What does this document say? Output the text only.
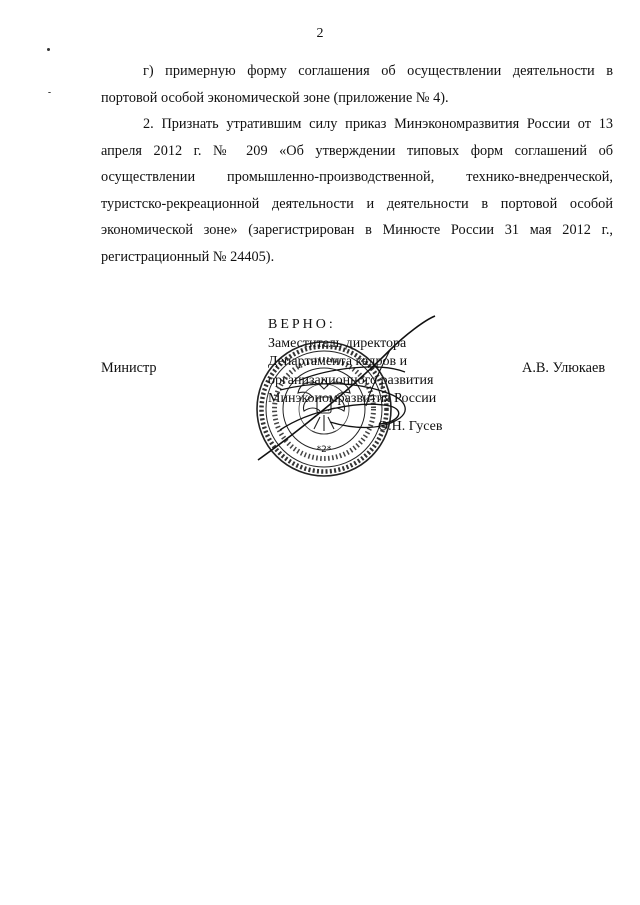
2

г) примерную форму соглашения об осуществлении деятельности в портовой особой экономической зоне (приложение № 4).

2. Признать утратившим силу приказ Минэкономразвития России от 13 апреля 2012 г. № 209 «Об утверждении типовых форм соглашений об осуществлении промышленно-производственной, технико-внедренческой, туристско-рекреационной деятельности и деятельности в портовой особой экономической зоне» (зарегистрирован в Минюсте России 31 мая 2012 г., регистрационный № 24405).

Министр	А.В. Улюкаев
*2*
ВЕРНО:
Заместитель директора
Департамента кадров и
организационного развития
Минэкономразвития России
О.Н. Гусев
